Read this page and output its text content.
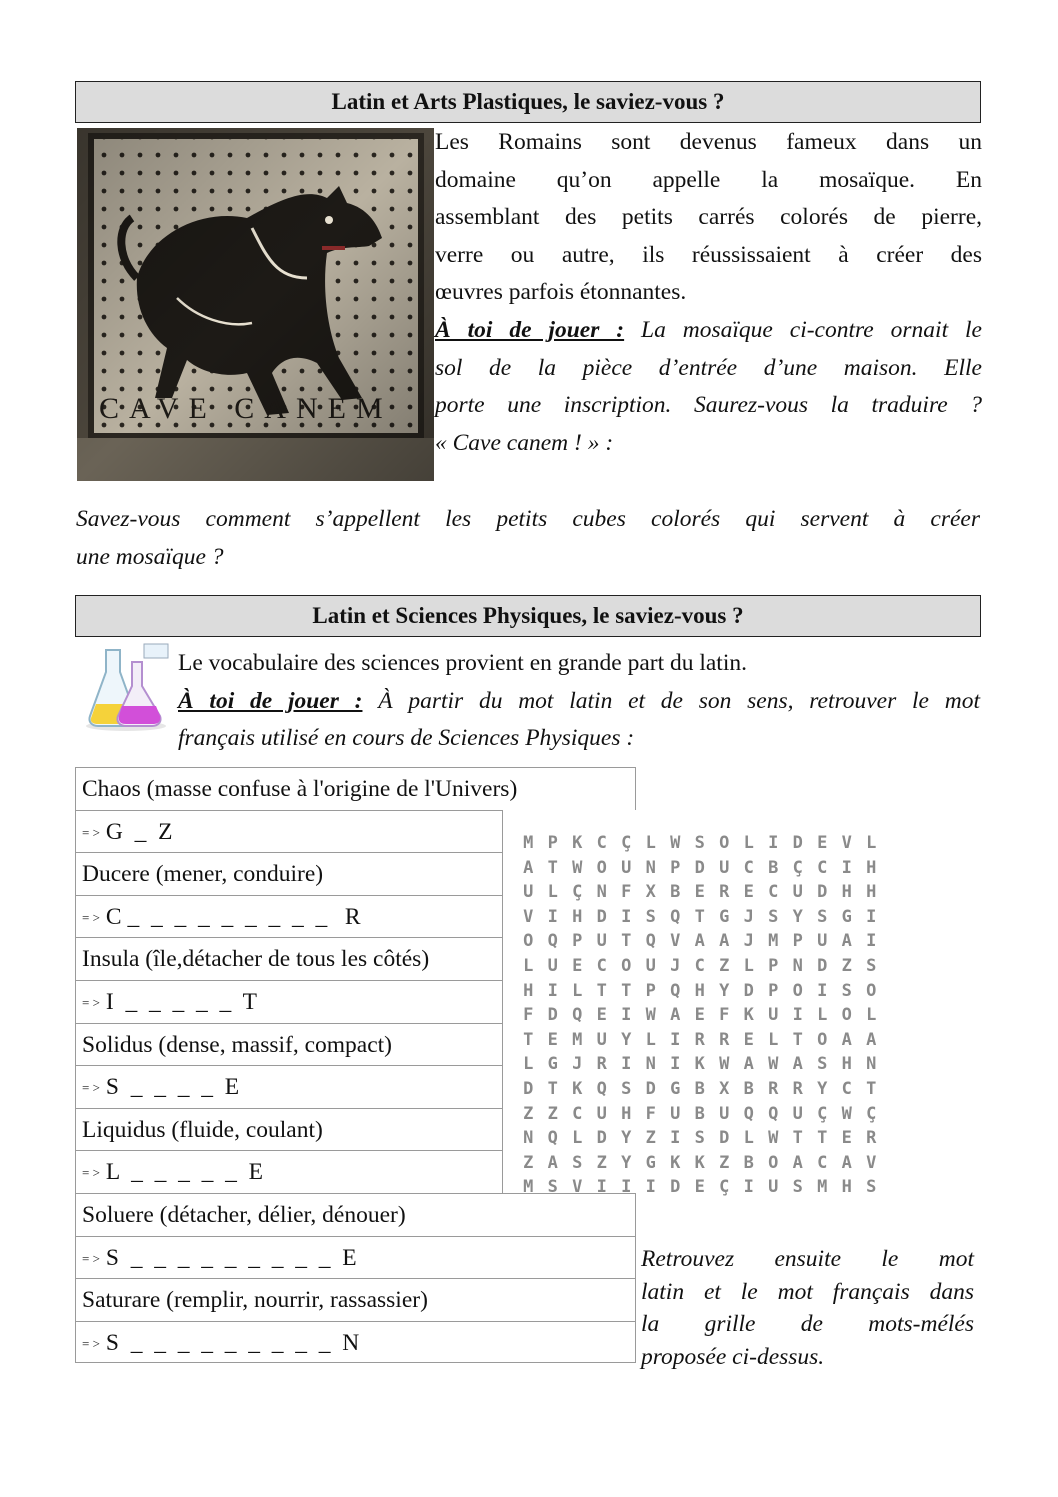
Latin et Arts Plastiques, le saviez-vous ?
Les Romains sont devenus fameux dans un
domaine qu’on appelle la mosaïque. En
assemblant des petits carrés colorés de pierre,
verre ou autre, ils réussissaient à créer des
œuvres parfois étonnantes.
À toi de jouer : La mosaïque ci-contre ornait le
sol de la pièce d’entrée d’une maison. Elle
porte une inscription. Saurez-vous la traduire ?
« Cave canem ! » :
Savez-vous comment s’appellent les petits cubes colorés qui servent à créer
une mosaïque ?
Latin et Sciences Physiques, le saviez-vous ?
Le vocabulaire des sciences provient en grande part du latin.
À toi de jouer : À partir du mot latin et de son sens, retrouver le mot
français utilisé en cours de Sciences Physiques :
Chaos (masse confuse à l'origine de l'Univers)
= > G  _  Z
Ducere (mener, conduire)
= > C _  _  _  _  _  _  _  _  _   R
Insula (île,détacher de tous les côtés)
= > I  _  _  _  _  _  T
Solidus (dense, massif, compact)
= > S  _  _  _  _  E
Liquidus (fluide, coulant)
= > L  _  _  _  _  _  E
Soluere (détacher, délier, dénouer)
= > S  _  _  _  _  _  _  _  _  _  E
Saturare (remplir, nourrir, rassassier)
= > S  _  _  _  _  _  _  _  _  _  N
M P K C Ç L W S O L I D E V L
A T W O U N P D U C B Ç C I H
U L Ç N F X B E R E C U D H H
V I H D I S Q T G J S Y S G I
O Q P U T Q V A A J M P U A I
L U E C O U J C Z L P N D Z S
H I L T T P Q H Y D P O I S O
F D Q E I W A E F K U I L O L
T E M U Y L I R R E L T O A A
L G J R I N I K W A W A S H N
D T K Q S D G B X B R R Y C T
Z Z C U H F U B U Q Q U Ç W Ç
N Q L D Y Z I S D L W T T E R
Z A S Z Y G K K Z B O A C A V
M S V I I I D E Ç I U S M H S
Retrouvez ensuite le mot
latin et le mot français dans
la grille de mots-mélés
proposée ci-dessus.
